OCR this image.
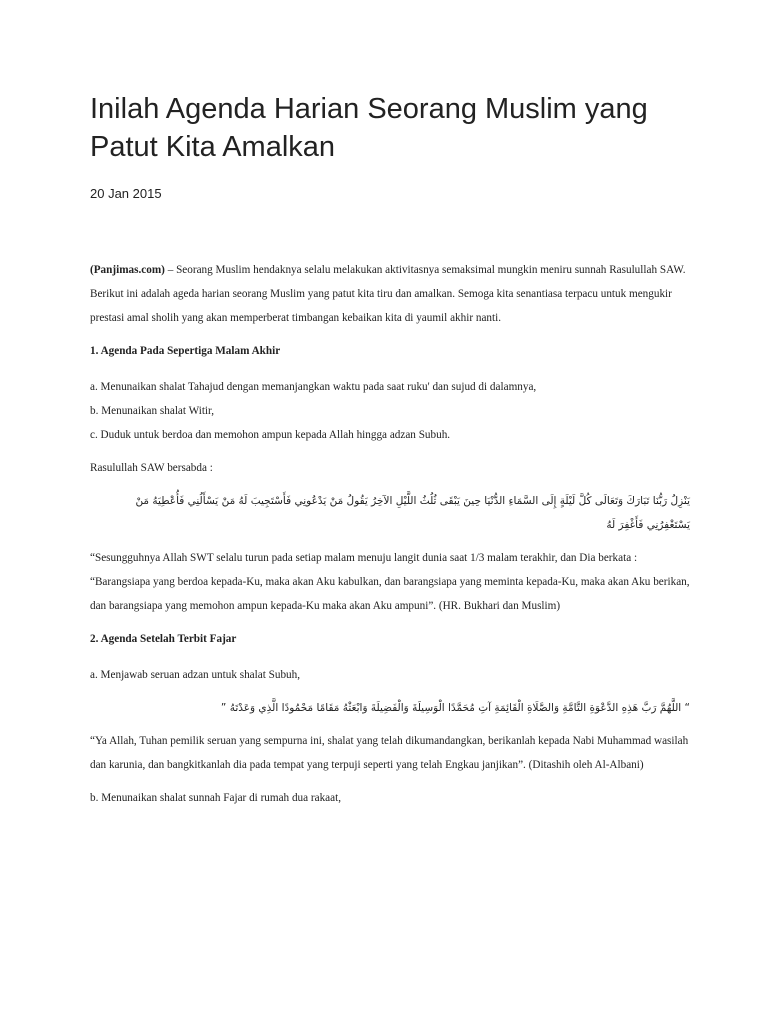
Inilah Agenda Harian Seorang Muslim yang Patut Kita Amalkan
20 Jan 2015

(Panjimas.com) – Seorang Muslim hendaknya selalu melakukan aktivitasnya semaksimal mungkin meniru sunnah Rasulullah SAW. Berikut ini adalah ageda harian seorang Muslim yang patut kita tiru dan amalkan. Semoga kita senantiasa terpacu untuk mengukir prestasi amal sholih yang akan memperberat timbangan kebaikan kita di yaumil akhir nanti.

1. Agenda Pada Sepertiga Malam Akhir

a. Menunaikan shalat Tahajud dengan memanjangkan waktu pada saat ruku' dan sujud di dalamnya,
b. Menunaikan shalat Witir,
c. Duduk untuk berdoa dan memohon ampun kepada Allah hingga adzan Subuh.

Rasulullah SAW bersabda :

يَنْزِلُ رَبُّنَا تَبَارَكَ وَتَعَالَى كُلَّ لَيْلَةٍ إِلَى السَّمَاءِ الدُّنْيَا حِينَ يَبْقَى ثُلُثُ اللَّيْلِ الآخِرُ يَقُولُ مَنْ يَدْعُونِي فَأَسْتَجِيبَ لَهُ مَنْ يَسْأَلُنِي فَأُعْطِيَهُ مَنْ يَسْتَغْفِرُنِي فَأَغْفِرَ لَهُ

“Sesungguhnya Allah SWT selalu turun pada setiap malam menuju langit dunia saat 1/3 malam terakhir, dan Dia berkata : “Barangsiapa yang berdoa kepada-Ku, maka akan Aku kabulkan, dan barangsiapa yang meminta kepada-Ku, maka akan Aku berikan, dan barangsiapa yang memohon ampun kepada-Ku maka akan Aku ampuni”. (HR. Bukhari dan Muslim)

2. Agenda Setelah Terbit Fajar

a. Menjawab seruan adzan untuk shalat Subuh,

“ اللَّهُمَّ رَبَّ هَذِهِ الدَّعْوَةِ التَّامَّةِ وَالصَّلَاةِ الْقَائِمَةِ آتِ مُحَمَّدًا الْوَسِيلَةَ وَالْفَضِيلَةَ وَابْعَثْهُ مَقَامًا مَحْمُودًا الَّذِي وَعَدْتَهُ ”

“Ya Allah, Tuhan pemilik seruan yang sempurna ini, shalat yang telah dikumandangkan, berikanlah kepada Nabi Muhammad wasilah dan karunia, dan bangkitkanlah dia pada tempat yang terpuji seperti yang telah Engkau janjikan”. (Ditashih oleh Al-Albani)

b. Menunaikan shalat sunnah Fajar di rumah dua rakaat,
